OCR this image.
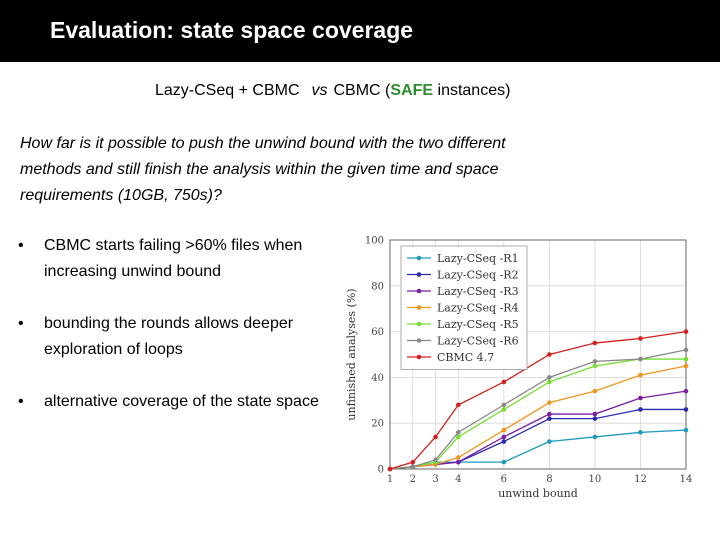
Evaluation: state space coverage
Lazy-CSeq + CBMC vs CBMC (SAFE instances)
How far is it possible to push the unwind bound with the two different methods and still finish the analysis within the given time and space requirements (10GB, 750s)?
• CBMC starts failing >60% files when increasing unwind bound
• bounding the rounds allows deeper exploration of loops
• alternative coverage of the state space
0
20
40
60
80
100
1 2 3 4	6	8	10	12	14
unwind bound
unfinished analyses (%)
Lazy-CSeq -R1
Lazy-CSeq -R2
Lazy-CSeq -R3
Lazy-CSeq -R4
Lazy-CSeq -R5
Lazy-CSeq -R6
CBMC 4.7
